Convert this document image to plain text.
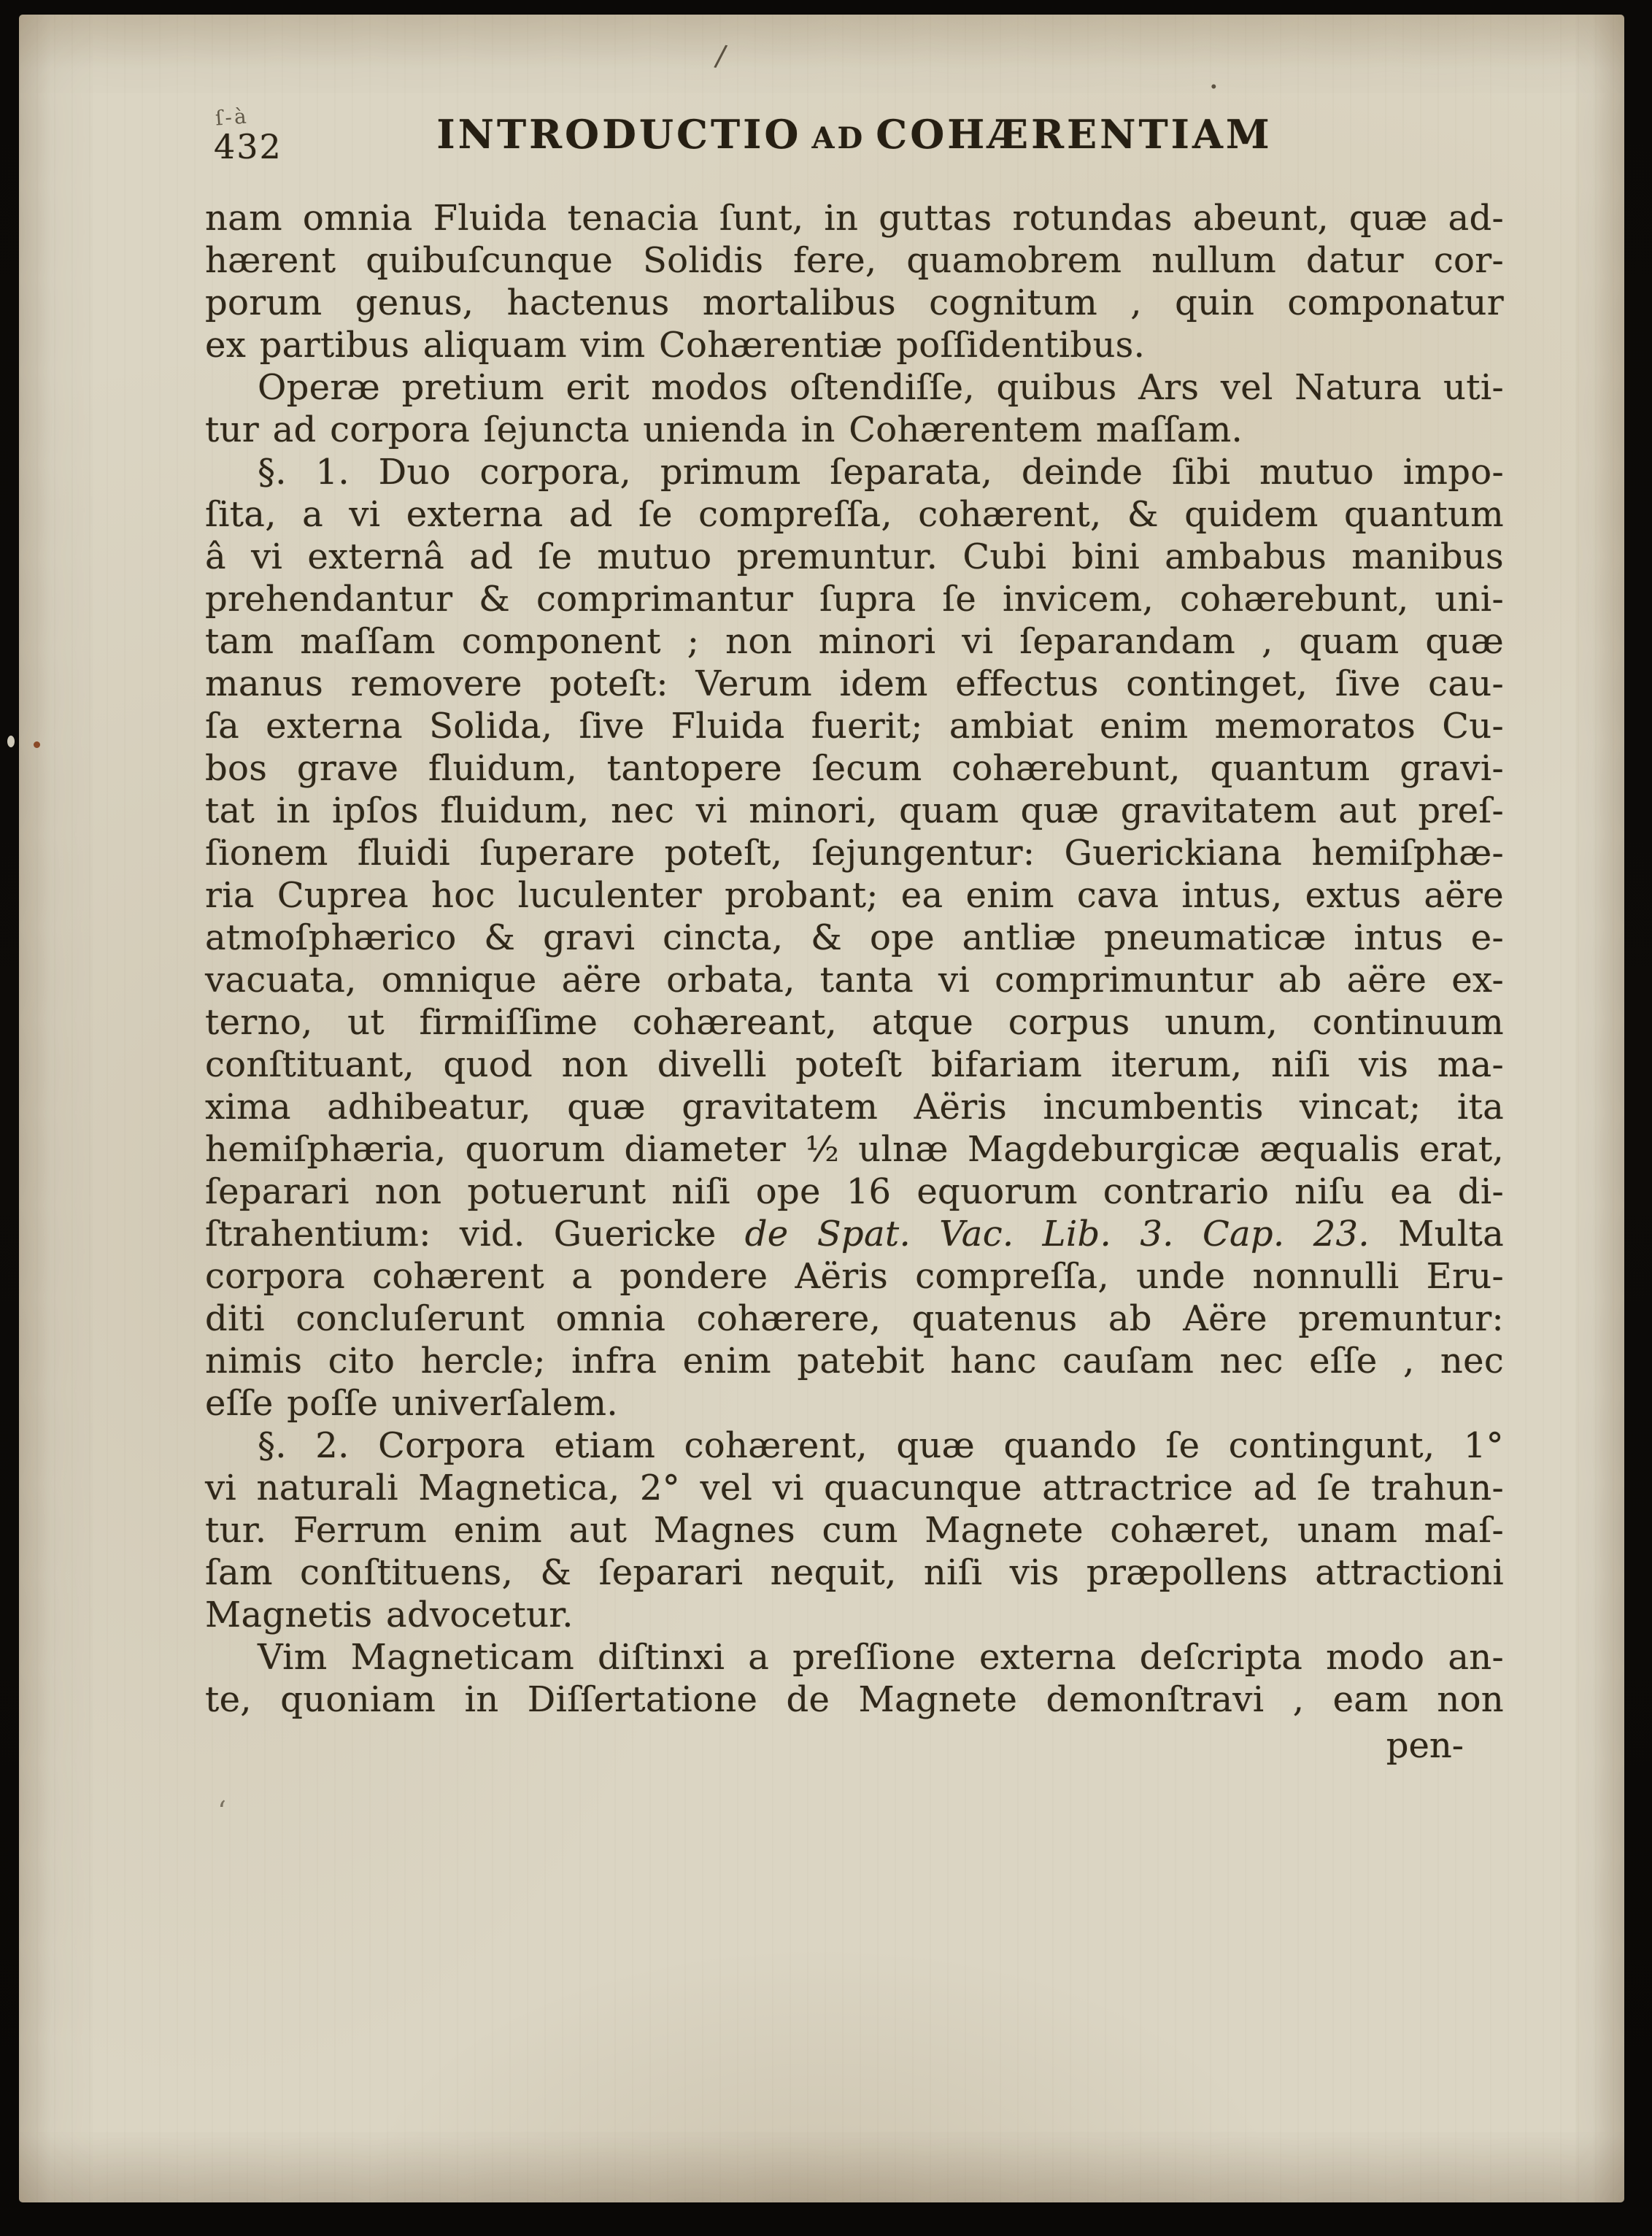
/
.
ʻ
ſ-à
432	INTRODUCTIO AD COHÆRENTIAM
nam omnia Fluida tenacia ſunt, in guttas rotundas abeunt, quæ ad-
hærent quibuſcunque Solidis fere, quamobrem nullum datur cor-
porum genus, hactenus mortalibus cognitum , quin componatur
ex partibus aliquam vim Cohærentiæ poſſidentibus.
Operæ pretium erit modos oſtendiſſe, quibus Ars vel Natura uti-
tur ad corpora ſejuncta unienda in Cohærentem maſſam.
§. 1. Duo corpora, primum ſeparata, deinde ſibi mutuo impo-
ſita, a vi externa ad ſe compreſſa, cohærent, & quidem quantum
â vi externâ ad ſe mutuo premuntur. Cubi bini ambabus manibus
prehendantur & comprimantur ſupra ſe invicem, cohærebunt, uni-
tam maſſam component ; non minori vi ſeparandam , quam quæ
manus removere poteſt: Verum idem effectus continget, ſive cau-
ſa externa Solida, ſive Fluida fuerit; ambiat enim memoratos Cu-
bos grave fluidum, tantopere ſecum cohærebunt, quantum gravi-
tat in ipſos fluidum, nec vi minori, quam quæ gravitatem aut preſ-
ſionem fluidi ſuperare poteſt, ſejungentur: Guerickiana hemiſphæ-
ria Cuprea hoc luculenter probant; ea enim cava intus, extus aëre
atmoſphærico & gravi cincta, & ope antliæ pneumaticæ intus e-
vacuata, omnique aëre orbata, tanta vi comprimuntur ab aëre ex-
terno, ut firmiſſime cohæreant, atque corpus unum, continuum
conſtituant, quod non divelli poteſt bifariam iterum, niſi vis ma-
xima adhibeatur, quæ gravitatem Aëris incumbentis vincat; ita
hemiſphæria, quorum diameter ½ ulnæ Magdeburgicæ æqualis erat,
ſeparari non potuerunt niſi ope 16 equorum contrario niſu ea di-
ſtrahentium: vid. Guericke de Spat. Vac. Lib. 3. Cap. 23. Multa
corpora cohærent a pondere Aëris compreſſa, unde nonnulli Eru-
diti concluſerunt omnia cohærere, quatenus ab Aëre premuntur:
nimis cito hercle; infra enim patebit hanc cauſam nec eſſe , nec
eſſe poſſe univerſalem.
§. 2. Corpora etiam cohærent, quæ quando ſe contingunt, 1°
vi naturali Magnetica, 2° vel vi quacunque attractrice ad ſe trahun-
tur. Ferrum enim aut Magnes cum Magnete cohæret, unam maſ-
ſam conſtituens, & ſeparari nequit, niſi vis præpollens attractioni
Magnetis advocetur.
Vim Magneticam diſtinxi a preſſione externa deſcripta modo an-
te, quoniam in Diſſertatione de Magnete demonſtravi , eam non
pen-
